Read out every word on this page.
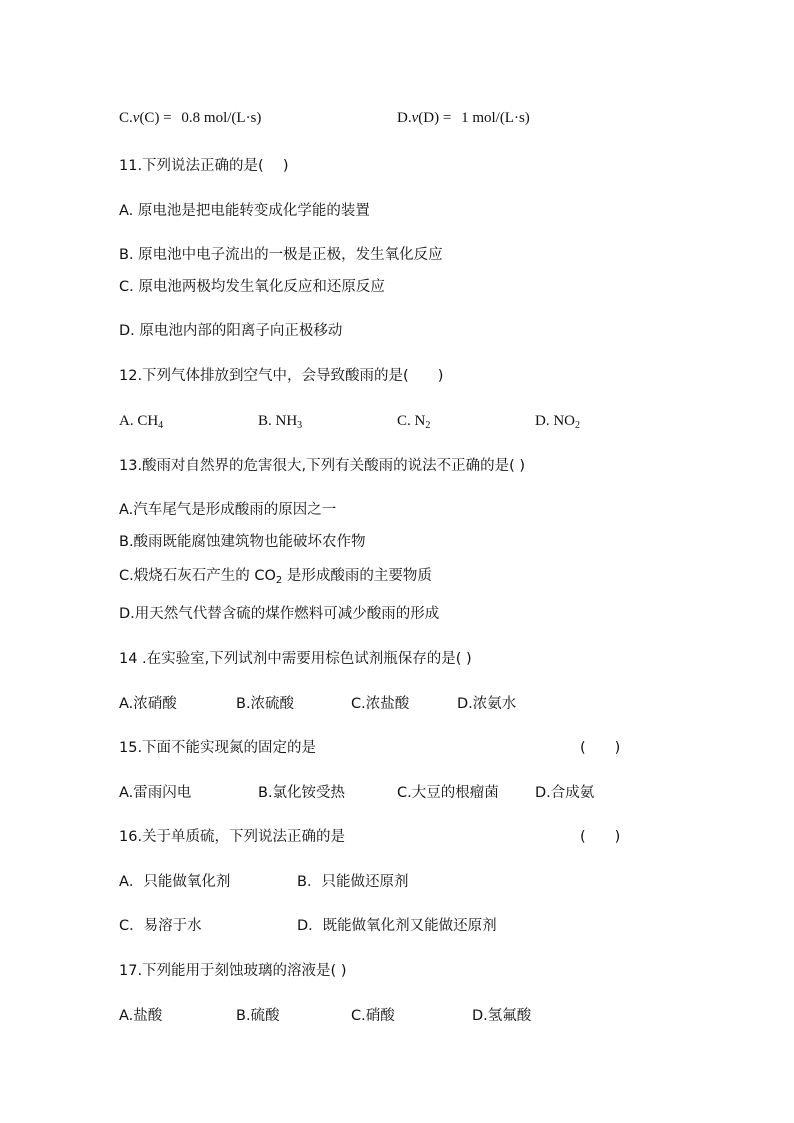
C.ν(C) = 0.8 mol/(L·s)	D.ν(D) = 1 mol/(L·s)
11.下列说法正确的是(　 )
A. 原电池是把电能转变成化学能的装置
B. 原电池中电子流出的一极是正极，发生氧化反应
C. 原电池两极均发生氧化反应和还原反应
D. 原电池内部的阳离子向正极移动
12.下列气体排放到空气中，会导致酸雨的是(　　)
A. $CH_4$	B. $NH_3$	C. $N_2$	D. $NO_2$
13.酸雨对自然界的危害很大,下列有关酸雨的说法不正确的是( )
A.汽车尾气是形成酸雨的原因之一
B.酸雨既能腐蚀建筑物也能破坏农作物
C.煅烧石灰石产生的 $CO_2$ 是形成酸雨的主要物质
D.用天然气代替含硫的煤作燃料可减少酸雨的形成
14 .在实验室,下列试剂中需要用棕色试剂瓶保存的是( )
A.浓硝酸	B.浓硫酸	C.浓盐酸	D.浓氨水
15.下面不能实现氮的固定的是	(　　)
A.雷雨闪电	B.氯化铵受热	C.大豆的根瘤菌	D.合成氨
16.关于单质硫，下列说法正确的是	(　　)
A．只能做氧化剂	B．只能做还原剂
C．易溶于水	D．既能做氧化剂又能做还原剂
17.下列能用于刻蚀玻璃的溶液是( )
A.盐酸	B.硫酸	C.硝酸	D.氢氟酸
